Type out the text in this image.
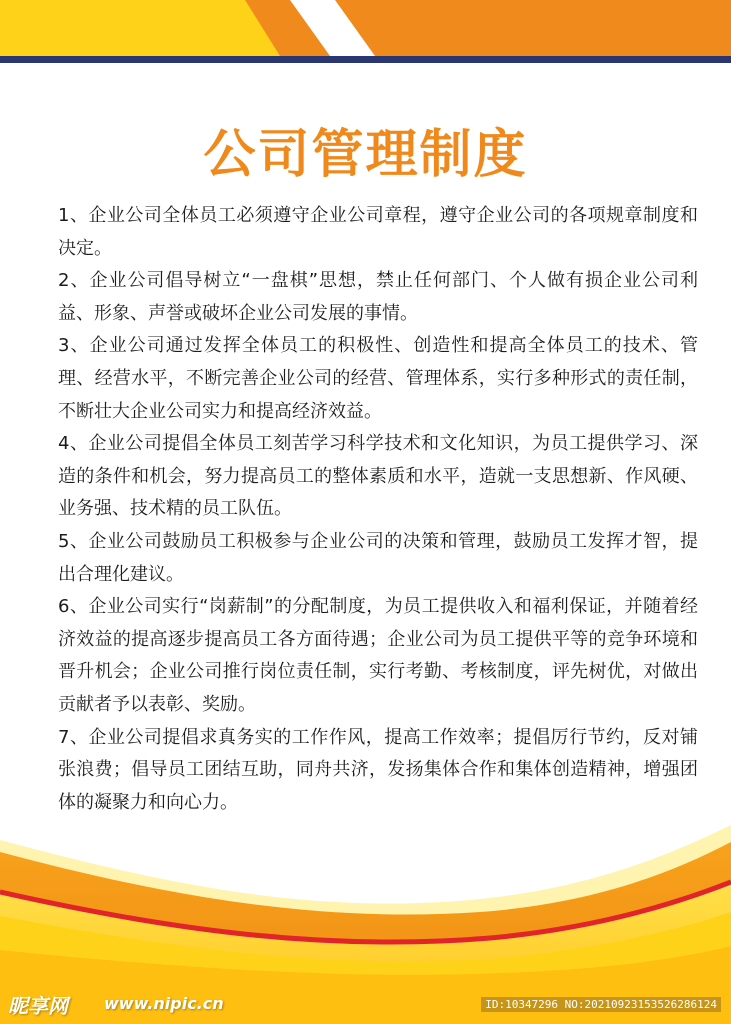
公司管理制度
1、企业公司全体员工必须遵守企业公司章程，遵守企业公司的各项规章制度和决定。
2、企业公司倡导树立“一盘棋”思想，禁止任何部门、个人做有损企业公司利益、形象、声誉或破坏企业公司发展的事情。
3、企业公司通过发挥全体员工的积极性、创造性和提高全体员工的技术、管理、经营水平，不断完善企业公司的经营、管理体系，实行多种形式的责任制，不断壮大企业公司实力和提高经济效益。
4、企业公司提倡全体员工刻苦学习科学技术和文化知识，为员工提供学习、深造的条件和机会，努力提高员工的整体素质和水平，造就一支思想新、作风硬、业务强、技术精的员工队伍。
5、企业公司鼓励员工积极参与企业公司的决策和管理，鼓励员工发挥才智，提出合理化建议。
6、企业公司实行“岗薪制”的分配制度，为员工提供收入和福利保证，并随着经济效益的提高逐步提高员工各方面待遇；企业公司为员工提供平等的竞争环境和晋升机会；企业公司推行岗位责任制，实行考勤、考核制度，评先树优，对做出贡献者予以表彰、奖励。
7、企业公司提倡求真务实的工作作风，提高工作效率；提倡厉行节约，反对铺张浪费；倡导员工团结互助，同舟共济，发扬集体合作和集体创造精神，增强团体的凝聚力和向心力。
昵享网 www.nipic.cn	ID:10347296 NO:20210923153526286124
